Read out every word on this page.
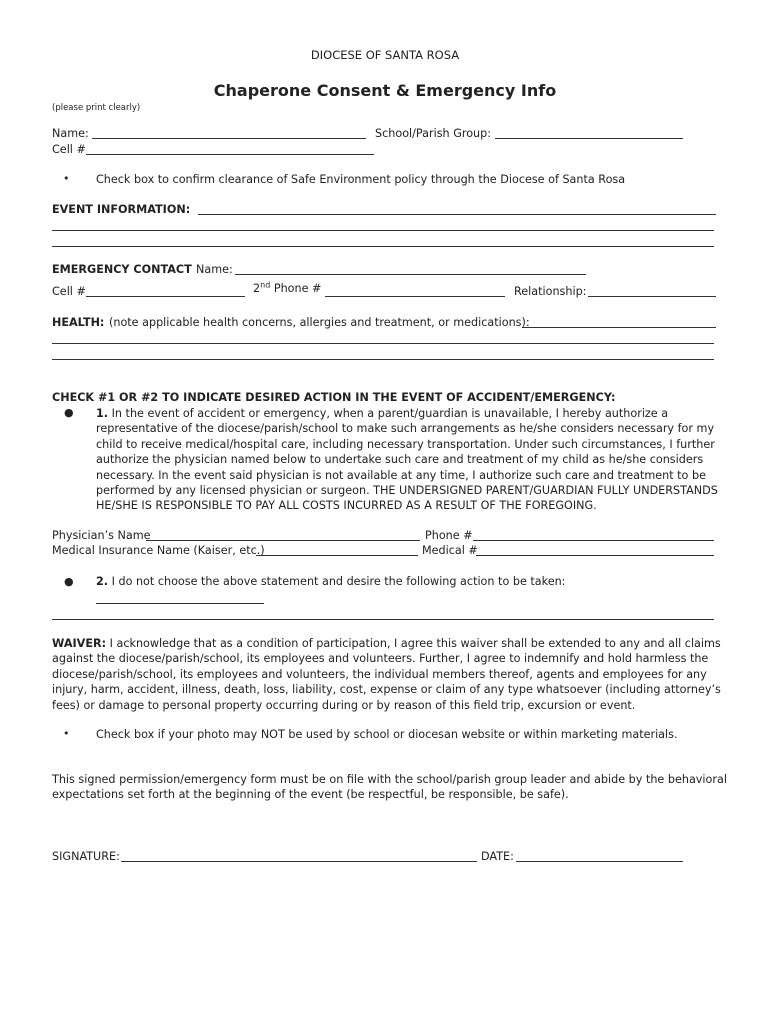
DIOCESE OF SANTA ROSA
Chaperone Consent & Emergency Info
(please print clearly)
Name:	School/Parish Group:
Cell #
• Check box to confirm clearance of Safe Environment policy through the Diocese of Santa Rosa
EVENT INFORMATION:
EMERGENCY CONTACT Name:
Cell #	2nd Phone #	Relationship:
HEALTH: (note applicable health concerns, allergies and treatment, or medications):
CHECK #1 OR #2 TO INDICATE DESIRED ACTION IN THE EVENT OF ACCIDENT/EMERGENCY:
● 1. In the event of accident or emergency, when a parent/guardian is unavailable, I hereby authorize a
representative of the diocese/parish/school to make such arrangements as he/she considers necessary for my
child to receive medical/hospital care, including necessary transportation. Under such circumstances, I further
authorize the physician named below to undertake such care and treatment of my child as he/she considers
necessary. In the event said physician is not available at any time, I authorize such care and treatment to be
performed by any licensed physician or surgeon. THE UNDERSIGNED PARENT/GUARDIAN FULLY UNDERSTANDS
HE/SHE IS RESPONSIBLE TO PAY ALL COSTS INCURRED AS A RESULT OF THE FOREGOING.
Physician’s Name	Phone #
Medical Insurance Name (Kaiser, etc.)	Medical #
● 2. I do not choose the above statement and desire the following action to be taken:
WAIVER: I acknowledge that as a condition of participation, I agree this waiver shall be extended to any and all claims
against the diocese/parish/school, its employees and volunteers. Further, I agree to indemnify and hold harmless the
diocese/parish/school, its employees and volunteers, the individual members thereof, agents and employees for any
injury, harm, accident, illness, death, loss, liability, cost, expense or claim of any type whatsoever (including attorney’s
fees) or damage to personal property occurring during or by reason of this field trip, excursion or event.
• Check box if your photo may NOT be used by school or diocesan website or within marketing materials.
This signed permission/emergency form must be on file with the school/parish group leader and abide by the behavioral
expectations set forth at the beginning of the event (be respectful, be responsible, be safe).
SIGNATURE:	DATE:
